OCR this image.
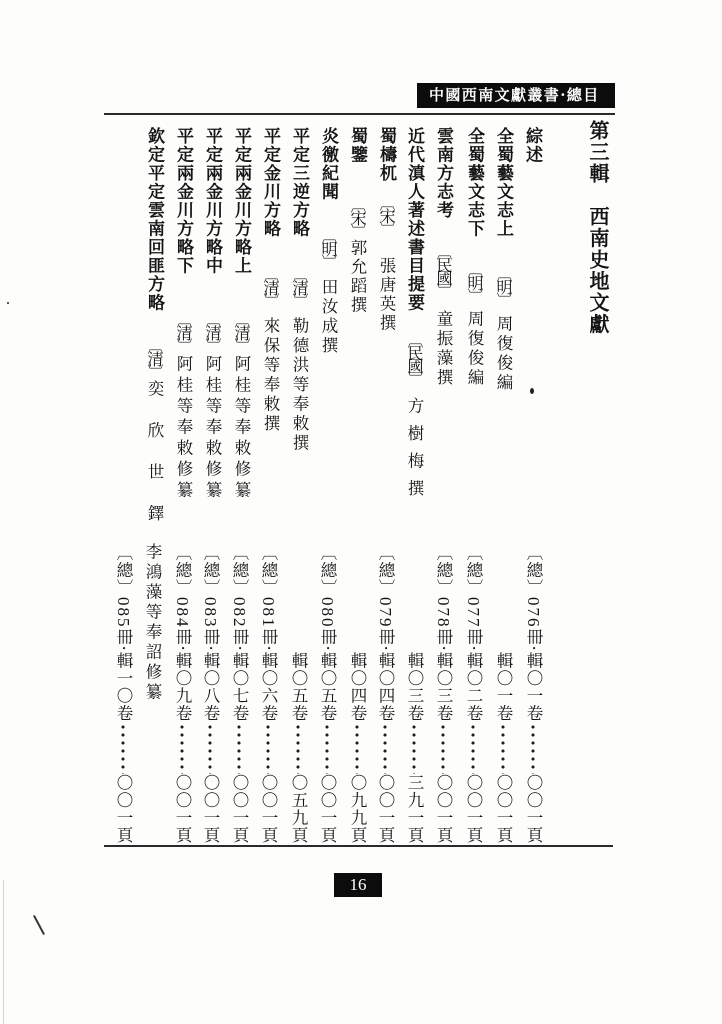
中國西南文獻叢書·總目
第三輯　西南史地文獻
綜述
〔總〕076冊·輯〇一卷〇〇一頁
全蜀藝文志上
〔明〕
周復俊編
輯〇一卷〇〇一頁
全蜀藝文志下
〔明〕
周復俊編
〔總〕077冊·輯〇二卷〇〇一頁
雲南方志考
〔民國〕
童振藻撰
〔總〕078冊·輯〇三卷〇〇一頁
近代滇人著述書目提要
〔民國〕
方樹梅撰
輯〇三卷三九一頁
蜀檮杌
〔宋〕
張唐英撰
〔總〕079冊·輯〇四卷〇〇一頁
蜀鑒
〔宋〕
郭允蹈撰
輯〇四卷〇九九頁
炎徼紀聞
〔明〕
田汝成撰
〔總〕080冊·輯〇五卷〇〇一頁
平定三逆方略
〔清〕
勒德洪等奉敕撰
輯〇五卷〇五九頁
平定金川方略
〔清〕
來保等奉敕撰
〔總〕081冊·輯〇六卷〇〇一頁
平定兩金川方略上
〔清〕
阿桂等奉敕修纂
〔總〕082冊·輯〇七卷〇〇一頁
平定兩金川方略中
〔清〕
阿桂等奉敕修纂
〔總〕083冊·輯〇八卷〇〇一頁
平定兩金川方略下
〔清〕
阿桂等奉敕修纂
〔總〕084冊·輯〇九卷〇〇一頁
欽定平定雲南回匪方略
〔清〕
奕欣世鐸
李鴻藻等奉詔修纂
〔總〕085冊·輯一〇卷〇〇一頁
16
